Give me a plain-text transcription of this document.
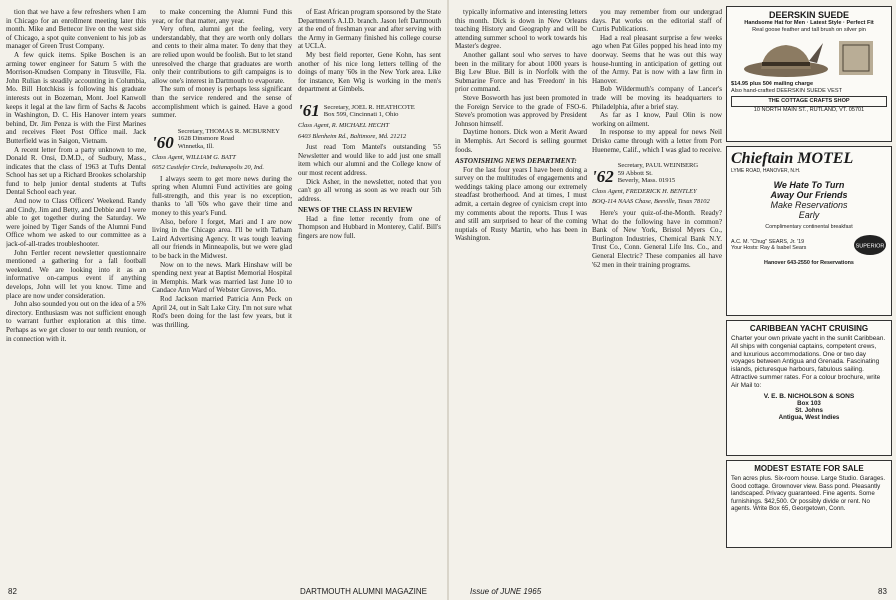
tion that we have a few refreshers when I am in Chicago for an enrollment meeting later this month. Mike and Bettecor live on the west side of Chicago, a spot quite convenient to his job as manager of Green Trust Company.

A few quick items. Spike Boschen is an arming tower engineer for Saturn 5 with the Morrison-Knudsen Company in Titusville, Fla. John Rulian is steadily accounting in Columbia, Mo. Bill Hotchkiss is following his graduate interests out in Bozeman, Mont. Joel Kanwoll keeps it legal at the law firm of Sachs & Jacobs in Washington, D. C. His Hanover intern years behind, Dr. Jim Penza is with the First Marines and receives Fleet Post Office mail. Jack Butterfield was in Saigon, Vietnam.

A recent letter from a party unknown to me, Donald R. Onsi, D.M.D., of Sudbury, Mass., indicates that the class of 1963 at Tufts Dental School has set up a Richard Brookes scholarship fund to help junior dental students at Tufts Dental School each year.

And now to Class Officers' Weekend. Randy and Cindy, Jim and Betty, and Debbie and I were able to get together during the Saturday. We were joined by Tiger Sands of the Alumni Fund Office whom we asked to our committee as a jack-of-all-trades troubleshooter.

John Fertler recent newsletter questionnaire mentioned a gathering for a fall football weekend. We are looking into it as an informative on-campus event if anything develops, John will let you know. Time and place are now under consideration.

John also sounded you out on the idea of a 5% directory. Enthusiasm was not sufficient enough to warrant further exploration at this time. Perhaps as we get closer to our tenth reunion, or in connection with it.

to make concerning the Alumni Fund this year, or for that matter, any year.

Very often, alumni get the feeling, very understandably, that they are worth only dollars and cents to their alma mater. To deny that they are relied upon would be foolish. But to let stand unresolved the charge that graduates are worth only their contributions to gift campaigns is to allow one's interest in Dartmouth to evaporate.

The sum of money is perhaps less significant than the service rendered and the sense of accomplishment which is gained. Have a good summer.

'60
Secretary, THOMAS R. MCBURNEY
1628 Dinsmore Road
Winnetka, Ill.
Class Agent, WILLIAM G. BATT
6052 Castlefer Circle, Indianapolis 20, Ind.

I always seem to get more news during the spring when Alumni Fund activities are going full-strength, and this year is no exception, thanks to 'all '60s who gave their time and money to this year's Fund.

Also, before I forget, Mari and I are now living in the Chicago area. I'll be with Tatham Laird Advertising Agency. It was tough leaving all our friends in Minneapolis, but we were glad to be back in the Midwest.

Now on to the news. Mark Hinshaw will be spending next year at Baptist Memorial Hospital in Memphis. Mark was married last June 10 to Candace Ann Ward of Webster Groves, Mo.

Rod Jackson married Patricia Ann Peck on April 24, out in Salt Lake City. I'm not sure what Rod's been doing for the last few years, but it was thrilling.

of East African program sponsored by the State Department's A.I.D. branch. Jason left Dartmouth at the end of freshman year and after serving with the Army in Germany finished his college course at UCLA.

My best field reporter, Gene Kohn, has sent another of his nice long letters telling of the doings of many '60s in the New York area. Like for instance, Ken Wig is working in the men's department at Gimbels.

'61 Secretary, JOEL R. HEATHCOTE
Box 599, Cincinnati 1, Ohio
Class Agent, R. MICHAEL HECHT
6403 Blenheim Rd., Baltimore, Md. 21212

Just read Tom Mantel's outstanding '55 Newsletter and would like to add just one small item which our alumni and the College know of our most recent address.

Dick Asher, in the newsletter, noted that you can't go all wrong as soon as we reach our 5th address.

NEWS OF THE CLASS IN REVIEW

Had a fine letter recently from one of Thompson and Hubbard in Monterey, Calif. Bill's fingers are now full.

82	DARTMOUTH ALUMNI MAGAZINE

typically informative and interesting letters this month. Dick is down in New Orleans teaching History and Geography and will be attending summer school to work towards his Master's degree.

Another gallant soul who serves to have been in the military for about 1000 years is Big Lew Blue. Bill is in Norfolk with the Submarine Force and has 'Freedom' in his prior command.

Steve Bosworth has just been promoted in the Foreign Service to the grade of FSO-6. Steve's promotion was approved by President Johnson himself.

Daytime honors. Dick won a Merit Award in Memphis. Art Secord is selling gourmet foods.

ASTONISHING NEWS DEPARTMENT:

For the last four years I have been doing a survey on the multitudes of engagements and weddings taking place among our extremely steadfast brotherhood. And at times, I must admit, a certain degree of cynicism crept into my comments about the reports. Thus I was and still am surprised to hear of the coming nuptials of Rusty Martin, who has been in Washington.

you may remember from our undergrad days. Pat works on the editorial staff of Curtis Publications.

Had a real pleasant surprise a few weeks ago when Pat Giles popped his head into my doorway. Seems that he was out this way house-hunting in anticipation of getting out of the Army. Pat is now with a law firm in Hanover.

Bob Wildermuth's company of Lancer's trade will be moving its headquarters to Philadelphia, after a brief stay.

As far as I know, Paul Olin is now working on ailment.

In response to my appeal for news Neil Drisko came through with a letter from Port Hueneme, Calif., which I was glad to receive.

'62
Secretary, PAUL WEINBERG
59 Abbott St.
Beverly, Mass. 01915
Class Agent, FREDERICK H. BENTLEY
BOQ-114 NAAS Chase, Beeville, Texas 78102

Here's your quiz-of-the-Month. Ready? What do the following have in common? Bank of New York, Bristol Myers Co., Burlington Industries, Chemical Bank N.Y. Trust Co., Conn. General Life Ins. Co., and General Electric? These companies all have '62 men in their training programs.

Issue of JUNE 1965	83
DEERSKIN SUEDE
Handsome Hat for Men · Latest Style · Perfect Fit
Real goose feather and tall brush on silver pin
$14.95 plus 50¢ mailing charge
Also hand-crafted DEERSKIN SUEDE VEST
THE COTTAGE CRAFTS SHOP
10 NORTH MAIN ST., RUTLAND, VT. 05701
Chieftain MOTEL
LYME ROAD, HANOVER, N.H.
We Hate To Turn
Away Our Friends
Make Reservations
Early
Complimentary continental breakfast
A.C. M. "Chug" SEARS, Jr. '19
Your Hosts: Ray & Isabel Sears	SUPERIOR
Hanover 643-2550 for Reservations
CARIBBEAN YACHT CRUISING
Charter your own private yacht in the sunlit Caribbean. All ships with congenial captains, competent crews, and luxurious accommodations. One or two day voyages between Antigua and Grenada. Fascinating islands, picturesque harbours, fabulous sailing. Attractive summer rates. For a colour brochure, write Air Mail to:
V. E. B. NICHOLSON & SONS
Box 103
St. Johns
Antigua, West Indies
MODEST ESTATE FOR SALE
Ten acres plus. Six-room house. Large Studio. Garages. Good cottage. Grownover view. Bass pond. Pleasantly landscaped. Privacy guaranteed. Fine agents. Some furnishings. $42,500. Or possibly divide or rent. No agents. Write Box 65, Georgetown, Conn.
